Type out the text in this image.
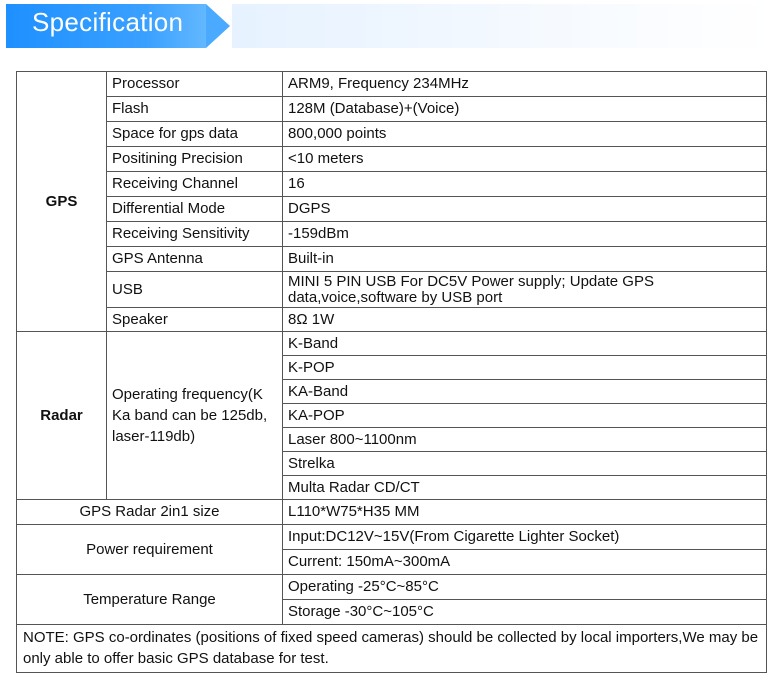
Specification
GPS	Processor	ARM9, Frequency 234MHz
	Flash	128M (Database)+(Voice)
	Space for gps data	800,000 points
	Positining Precision	<10 meters
	Receiving Channel	16
	Differential Mode	DGPS
	Receiving Sensitivity	-159dBm
	GPS Antenna	Built-in
	USB	MINI 5 PIN USB For DC5V Power supply; Update GPS data,voice,software by USB port
	Speaker	8Ω 1W
Radar	Operating frequency(K Ka band can be 125db, laser-119db)	K-Band
		K-POP
		KA-Band
		KA-POP
		Laser 800~1100nm
		Strelka
		Multa Radar CD/CT
GPS Radar 2in1 size		L110*W75*H35 MM
Power requirement		Input:DC12V~15V(From Cigarette Lighter Socket)
		Current: 150mA~300mA
Temperature Range		Operating -25°C~85°C
		Storage -30°C~105°C
NOTE: GPS co-ordinates (positions of fixed speed cameras) should be collected by local importers,We may be only able to offer basic GPS database for test.		
